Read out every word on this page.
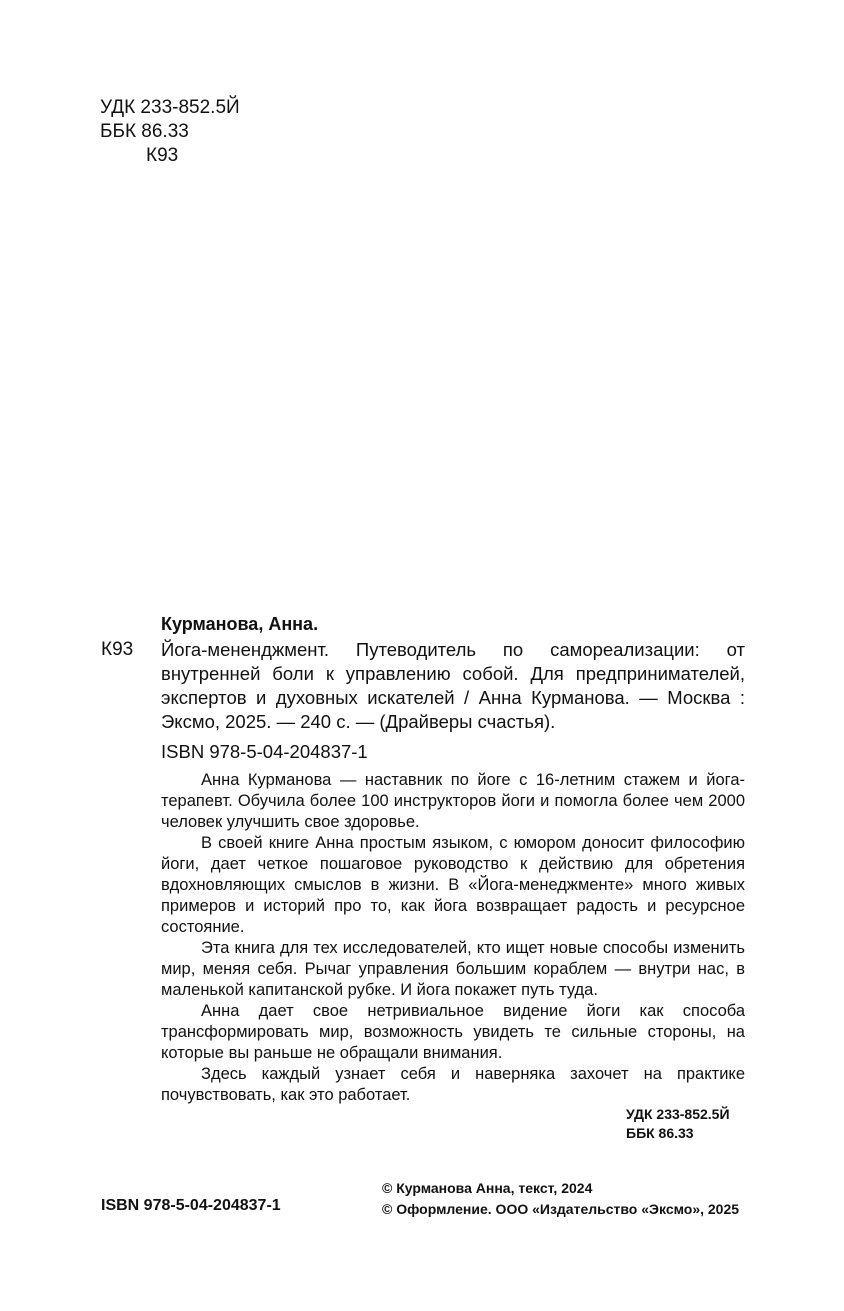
УДК 233-852.5Й
ББК 86.33
К93
Курманова, Анна.
К93 Йога-мененджмент. Путеводитель по самореализации: от внутренней боли к управлению собой. Для предпринимателей, экспертов и духовных искателей / Анна Курманова. — Москва : Эксмо, 2025. — 240 с. — (Драйверы счастья).
ISBN 978-5-04-204837-1

Анна Курманова — наставник по йоге с 16-летним стажем и йога-терапевт. Обучила более 100 инструкторов йоги и помогла более чем 2000 человек улучшить свое здоровье.

В своей книге Анна простым языком, с юмором доносит философию йоги, дает четкое пошаговое руководство к действию для обретения вдохновляющих смыслов в жизни. В «Йога-менеджменте» много живых примеров и историй про то, как йога возвращает радость и ресурсное состояние.

Эта книга для тех исследователей, кто ищет новые способы изменить мир, меняя себя. Рычаг управления большим кораблем — внутри нас, в маленькой капитанской рубке. И йога покажет путь туда.

Анна дает свое нетривиальное видение йоги как способа трансформировать мир, возможность увидеть те сильные стороны, на которые вы раньше не обращали внимания.

Здесь каждый узнает себя и наверняка захочет на практике почувствовать, как это работает.

УДК 233-852.5Й
ББК 86.33
ISBN 978-5-04-204837-1
© Курманова Анна, текст, 2024
© Оформление. ООО «Издательство «Эксмо», 2025
